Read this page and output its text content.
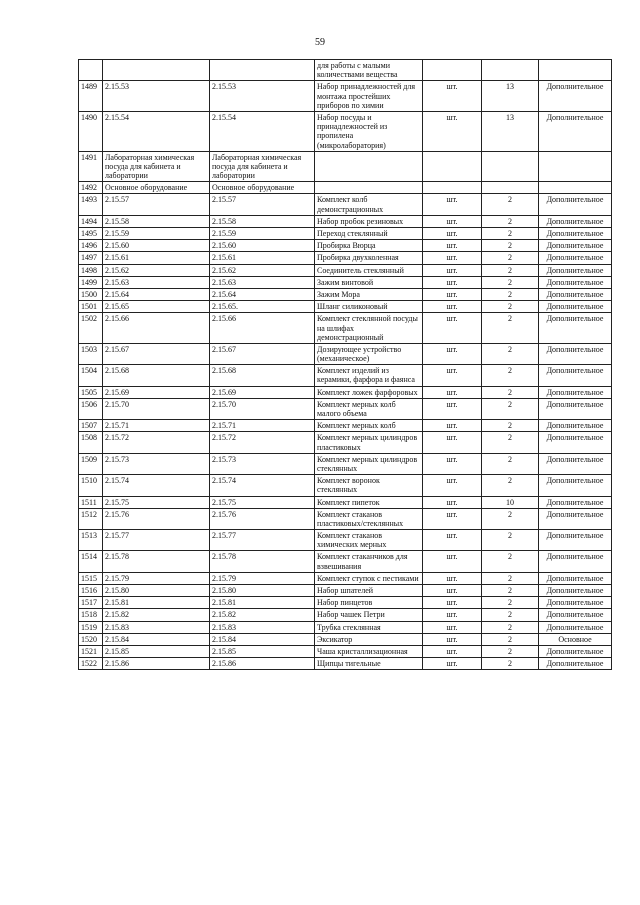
59
			для работы с малыми количествами вещества			
1489	2.15.53	2.15.53	Набор принадлежностей для монтажа простейших приборов по химии	шт.	13	Дополнительное
1490	2.15.54	2.15.54	Набор посуды и принадлежностей из пропилена (микролаборатория)	шт.	13	Дополнительное
1491	Лабораторная химическая посуда для кабинета и лаборатории	Лабораторная химическая посуда для кабинета и лаборатории				
1492	Основное оборудование	Основное оборудование				
1493	2.15.57	2.15.57	Комплект колб демонстрационных	шт.	2	Дополнительное
1494	2.15.58	2.15.58	Набор пробок резиновых	шт.	2	Дополнительное
1495	2.15.59	2.15.59	Переход стеклянный	шт.	2	Дополнительное
1496	2.15.60	2.15.60	Пробирка Вюрца	шт.	2	Дополнительное
1497	2.15.61	2.15.61	Пробирка двухколенная	шт.	2	Дополнительное
1498	2.15.62	2.15.62	Соединитель стеклянный	шт.	2	Дополнительное
1499	2.15.63	2.15.63	Зажим винтовой	шт.	2	Дополнительное
1500	2.15.64	2.15.64	Зажим Мора	шт.	2	Дополнительное
1501	2.15.65	2.15.65.	Шланг силиконовый	шт.	2	Дополнительное
1502	2.15.66	2.15.66	Комплект стеклянной посуды на шлифах демонстрационный	шт.	2	Дополнительное
1503	2.15.67	2.15.67	Дозирующее устройство (механическое)	шт.	2	Дополнительное
1504	2.15.68	2.15.68	Комплект изделий из керамики, фарфора и фаянса	шт.	2	Дополнительное
1505	2.15.69	2.15.69	Комплект ложек фарфоровых	шт.	2	Дополнительное
1506	2.15.70	2.15.70	Комплект мерных колб малого объема	шт.	2	Дополнительное
1507	2.15.71	2.15.71	Комплект мерных колб	шт.	2	Дополнительное
1508	2.15.72	2.15.72	Комплект мерных цилиндров пластиковых	шт.	2	Дополнительное
1509	2.15.73	2.15.73	Комплект мерных цилиндров стеклянных	шт.	2	Дополнительное
1510	2.15.74	2.15.74	Комплект воронок стеклянных	шт.	2	Дополнительное
1511	2.15.75	2.15.75	Комплект пипеток	шт.	10	Дополнительное
1512	2.15.76	2.15.76	Комплект стаканов пластиковых/стеклянных	шт.	2	Дополнительное
1513	2.15.77	2.15.77	Комплект стаканов химических мерных	шт.	2	Дополнительное
1514	2.15.78	2.15.78	Комплект стаканчиков для взвешивания	шт.	2	Дополнительное
1515	2.15.79	2.15.79	Комплект ступок с пестиками	шт.	2	Дополнительное
1516	2.15.80	2.15.80	Набор шпателей	шт.	2	Дополнительное
1517	2.15.81	2.15.81	Набор пинцетов	шт.	2	Дополнительное
1518	2.15.82	2.15.82	Набор чашек Петри	шт.	2	Дополнительное
1519	2.15.83	2.15.83	Трубка стеклянная	шт.	2	Дополнительное
1520	2.15.84	2.15.84	Эксикатор	шт.	2	Основное
1521	2.15.85	2.15.85	Чаша кристаллизационная	шт.	2	Дополнительное
1522	2.15.86	2.15.86	Щипцы тигельные	шт.	2	Дополнительное
